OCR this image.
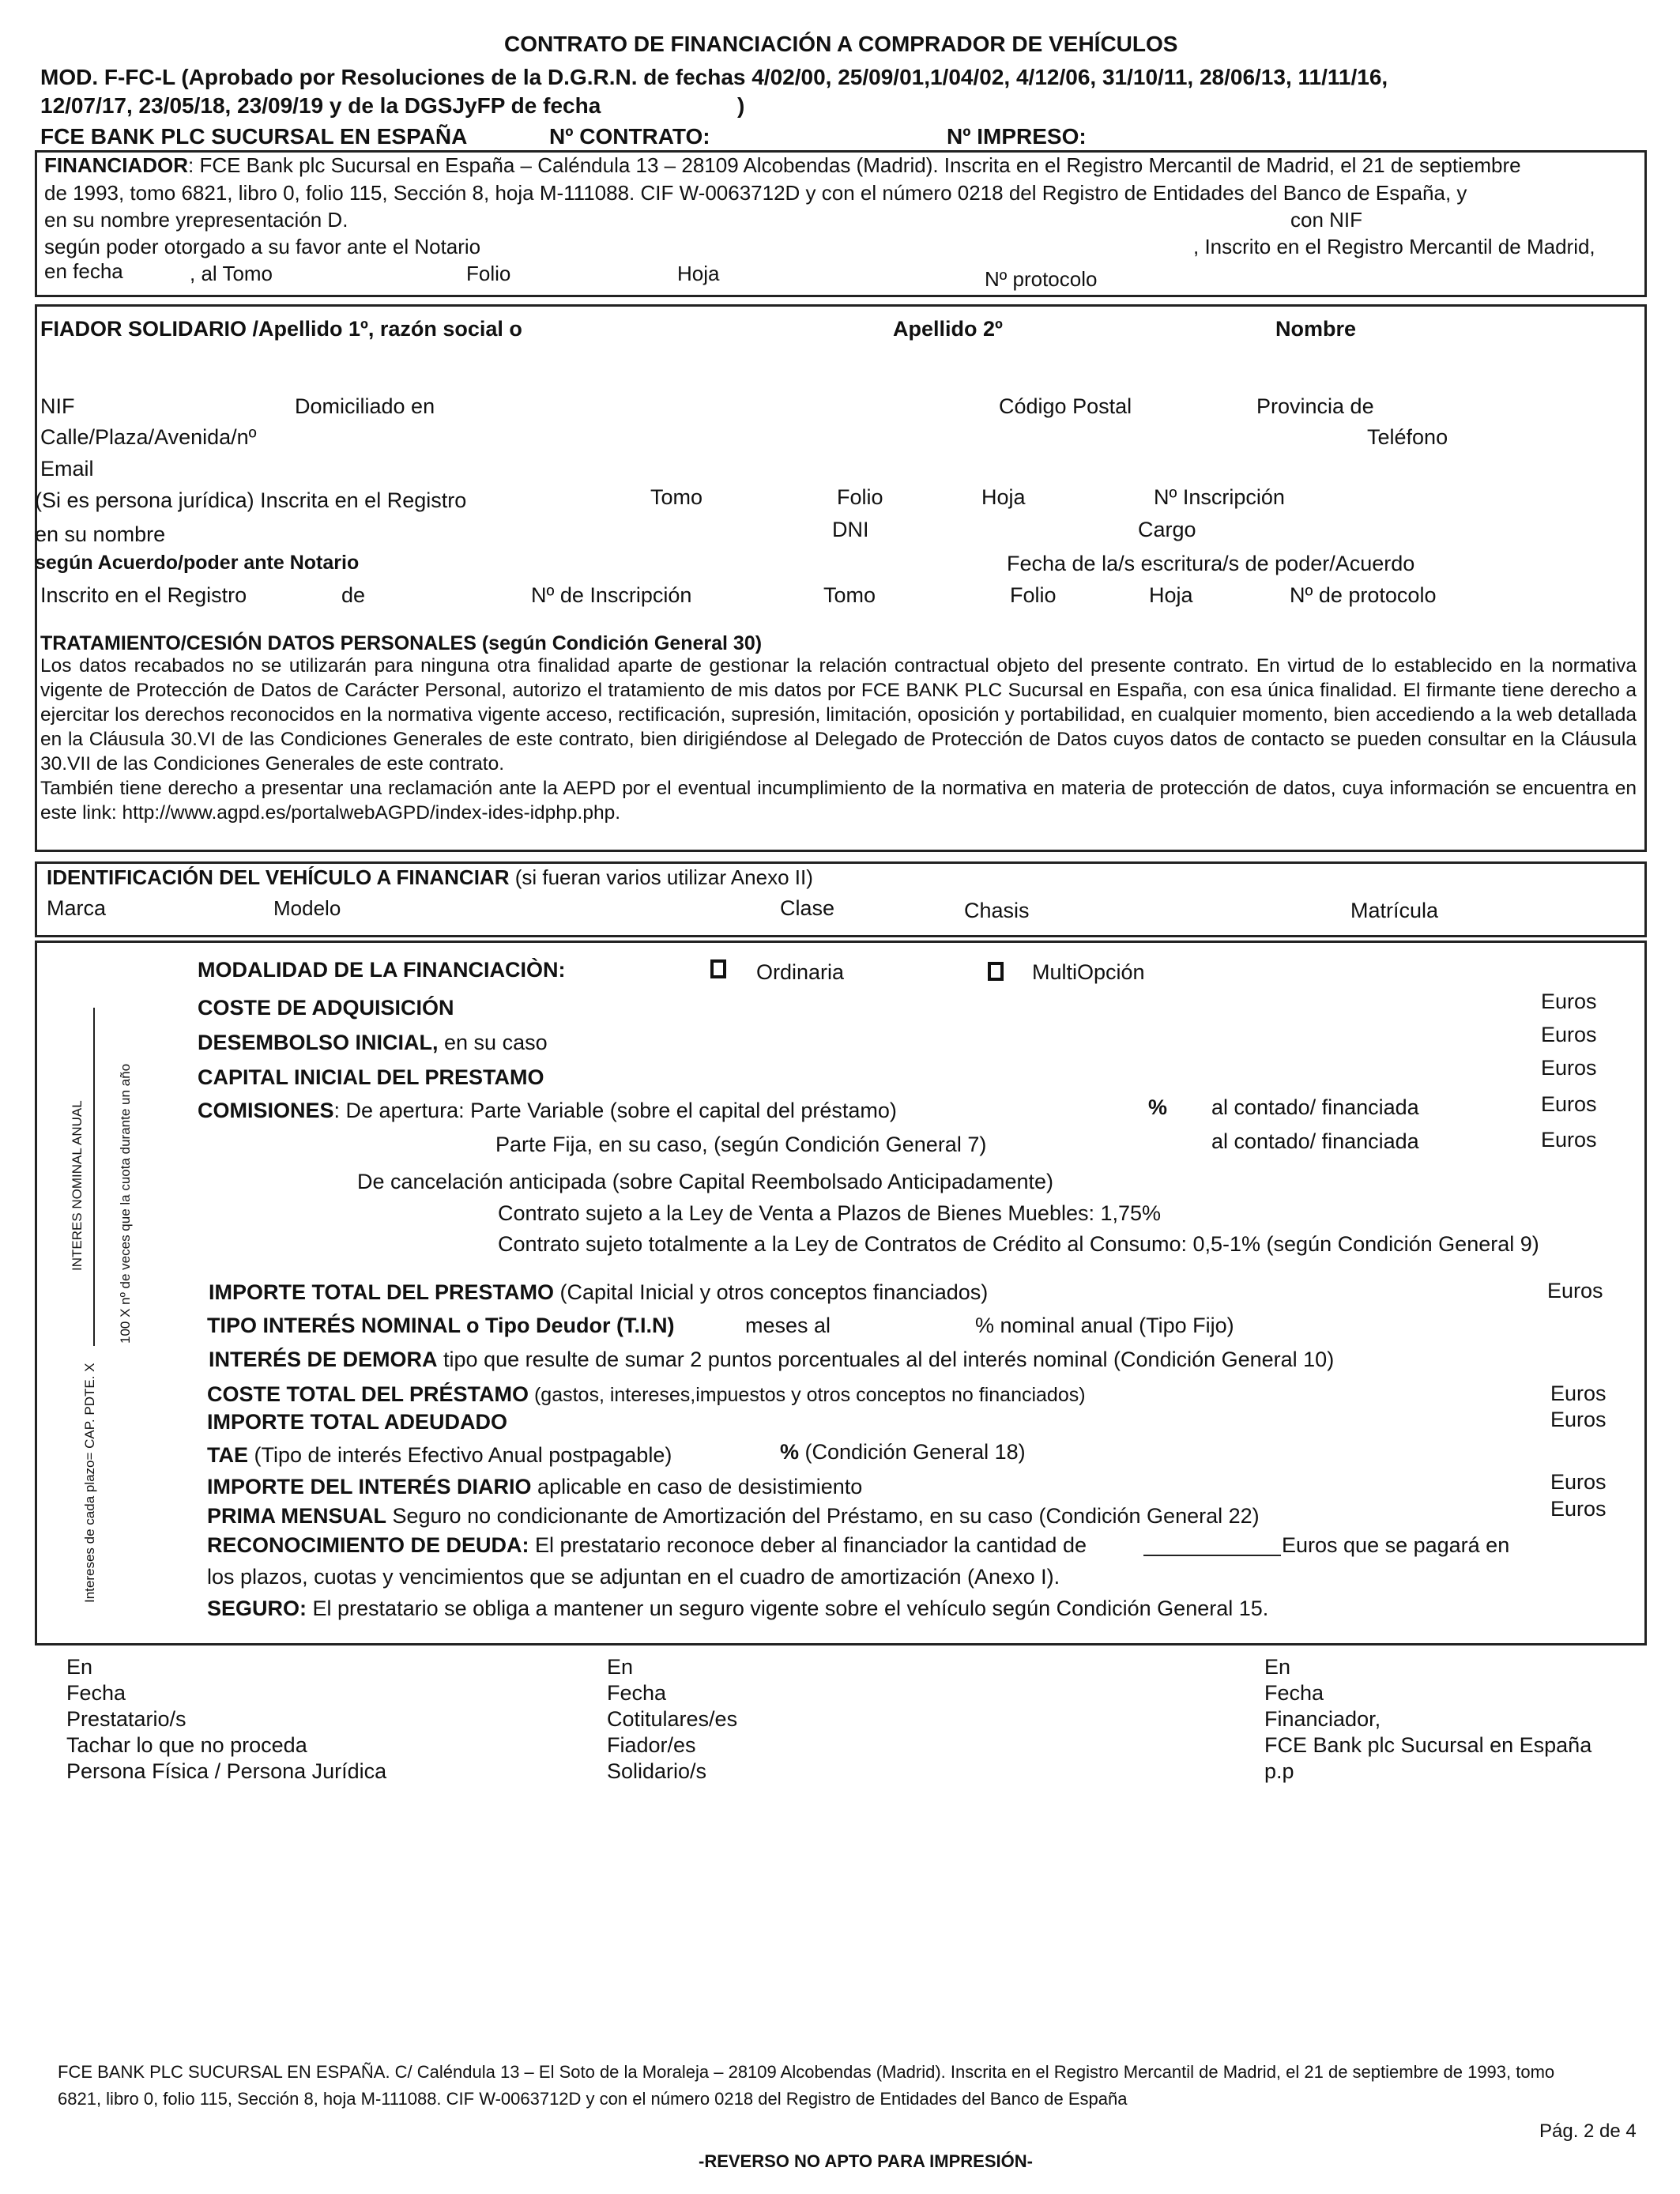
CONTRATO DE FINANCIACIÓN A COMPRADOR DE VEHÍCULOS
MOD. F-FC-L (Aprobado por Resoluciones de la D.G.R.N. de fechas 4/02/00, 25/09/01,1/04/02, 4/12/06, 31/10/11, 28/06/13, 11/11/16,
12/07/17, 23/05/18, 23/09/19 y de la DGSJyFP de fecha	)
FCE BANK PLC SUCURSAL EN ESPAÑA	Nº CONTRATO:	Nº IMPRESO:
FINANCIADOR: FCE Bank plc Sucursal en España – Caléndula 13 – 28109 Alcobendas (Madrid). Inscrita en el Registro Mercantil de Madrid, el 21 de septiembre
de 1993, tomo 6821, libro 0, folio 115, Sección 8, hoja M-111088. CIF W-0063712D y con el número 0218 del Registro de Entidades del Banco de España, y
en su nombre yrepresentación D.	con NIF
según poder otorgado a su favor ante el Notario	, Inscrito en el Registro Mercantil de Madrid,
en fecha	, al Tomo	Folio	Hoja	Nº protocolo
FIADOR SOLIDARIO /Apellido 1º, razón social o	Apellido 2º	Nombre
NIF	Domiciliado en	Código Postal	Provincia de
Calle/Plaza/Avenida/nº	Teléfono
Email
(Si es persona jurídica) Inscrita en el Registro	Tomo	Folio	Hoja	Nº Inscripción
en su nombre	DNI	Cargo
según Acuerdo/poder ante Notario	Fecha de la/s escritura/s de poder/Acuerdo
Inscrito en el Registro	de	Nº de Inscripción	Tomo	Folio	Hoja	Nº de protocolo
TRATAMIENTO/CESIÓN DATOS PERSONALES (según Condición General 30)
Los datos recabados no se utilizarán para ninguna otra finalidad aparte de gestionar la relación contractual objeto del presente contrato. En virtud de lo establecido en la normativa vigente de Protección de Datos de Carácter Personal, autorizo el tratamiento de mis datos por FCE BANK PLC Sucursal en España, con esa única finalidad. El firmante tiene derecho a ejercitar los derechos reconocidos en la normativa vigente acceso, rectificación, supresión, limitación, oposición y portabilidad, en cualquier momento, bien accediendo a la web detallada en la Cláusula 30.VI de las Condiciones Generales de este contrato, bien dirigiéndose al Delegado de Protección de Datos cuyos datos de contacto se pueden consultar en la Cláusula 30.VII de las Condiciones Generales de este contrato.
También tiene derecho a presentar una reclamación ante la AEPD por el eventual incumplimiento de la normativa en materia de protección de datos, cuya información se encuentra en este link: http://www.agpd.es/portalwebAGPD/index-ides-idphp.php.
IDENTIFICACIÓN DEL VEHÍCULO A FINANCIAR (si fueran varios utilizar Anexo II)
Marca	Modelo	Clase	Chasis	Matrícula
INTERES NOMINAL ANUAL 100 X nº de veces que la cuota durante un año
Intereses de cada plazo= CAP. PDTE. X
MODALIDAD DE LA FINANCIACIÒN:	Ordinaria	MultiOpción
COSTE DE ADQUISICIÓN	Euros
DESEMBOLSO INICIAL, en su caso	Euros
CAPITAL INICIAL DEL PRESTAMO	Euros
COMISIONES: De apertura: Parte Variable (sobre el capital del préstamo)	% al contado/ financiada	Euros
Parte Fija, en su caso, (según Condición General 7)	al contado/ financiada	Euros
De cancelación anticipada (sobre Capital Reembolsado Anticipadamente)
Contrato sujeto a la Ley de Venta a Plazos de Bienes Muebles: 1,75%
Contrato sujeto totalmente a la Ley de Contratos de Crédito al Consumo: 0,5-1% (según Condición General 9)
IMPORTE TOTAL DEL PRESTAMO (Capital Inicial y otros conceptos financiados)	Euros
TIPO INTERÉS NOMINAL o Tipo Deudor (T.I.N)	meses al	% nominal anual (Tipo Fijo)
INTERÉS DE DEMORA tipo que resulte de sumar 2 puntos porcentuales al del interés nominal (Condición General 10)
COSTE TOTAL DEL PRÉSTAMO (gastos, intereses,impuestos y otros conceptos no financiados)	Euros
IMPORTE TOTAL ADEUDADO	Euros
TAE (Tipo de interés Efectivo Anual postpagable)	% (Condición General 18)
IMPORTE DEL INTERÉS DIARIO aplicable en caso de desistimiento	Euros
PRIMA MENSUAL Seguro no condicionante de Amortización del Préstamo, en su caso (Condición General 22)	Euros
RECONOCIMIENTO DE DEUDA: El prestatario reconoce deber al financiador la cantidad de	Euros que se pagará en
los plazos, cuotas y vencimientos que se adjuntan en el cuadro de amortización (Anexo I).
SEGURO: El prestatario se obliga a mantener un seguro vigente sobre el vehículo según Condición General 15.
En
Fecha
Prestatario/s
Tachar lo que no proceda
Persona Física / Persona Jurídica
En
Fecha
Cotitulares/es
Fiador/es
Solidario/s
En
Fecha
Financiador,
FCE Bank plc Sucursal en España
p.p
FCE BANK PLC SUCURSAL EN ESPAÑA. C/ Caléndula 13 – El Soto de la Moraleja – 28109 Alcobendas (Madrid). Inscrita en el Registro Mercantil de Madrid, el 21 de septiembre de 1993, tomo
6821, libro 0, folio 115, Sección 8, hoja M-111088. CIF W-0063712D y con el número 0218 del Registro de Entidades del Banco de España
Pág. 2 de 4
-REVERSO NO APTO PARA IMPRESIÓN-
